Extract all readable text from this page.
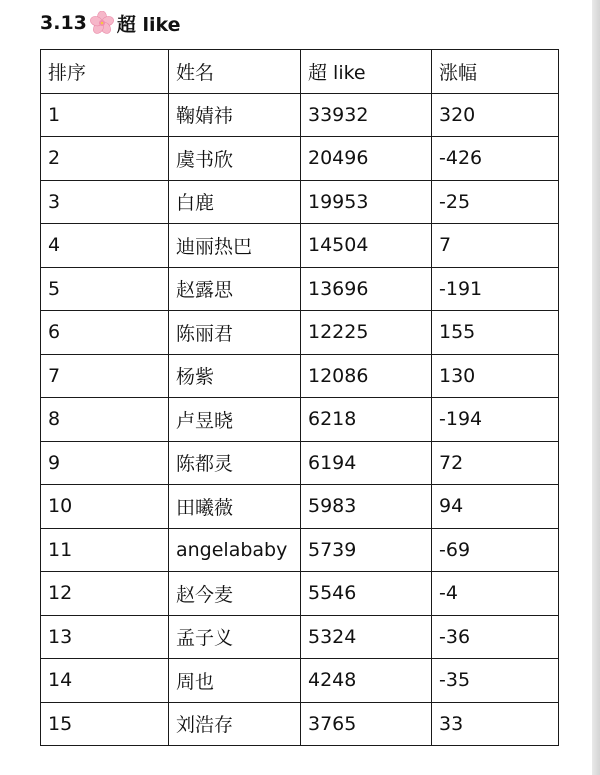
3.13 超 like
排序	姓名	超 like	涨幅
1	鞠婧祎	33932	320
2	虞书欣	20496	-426
3	白鹿	19953	-25
4	迪丽热巴	14504	7
5	赵露思	13696	-191
6	陈丽君	12225	155
7	杨紫	12086	130
8	卢昱晓	6218	-194
9	陈都灵	6194	72
10	田曦薇	5983	94
11	angelababy	5739	-69
12	赵今麦	5546	-4
13	孟子义	5324	-36
14	周也	4248	-35
15	刘浩存	3765	33
